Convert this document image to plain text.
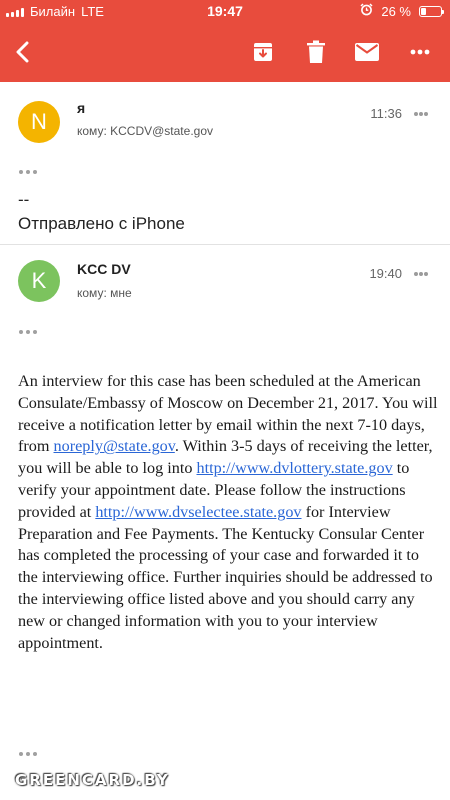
Билайн LTE	19:47	26 %
N
я
кому: KCCDV@state.gov
11:36
--
Отправлено с iPhone
K	KCC DV
кому: мне
19:40
An interview for this case has been scheduled at the American Consulate/Embassy of Moscow on December 21, 2017. You will receive a notification letter by email within the next 7-10 days, from noreply@state.gov. Within 3-5 days of receiving the letter, you will be able to log into http://www.dvlottery.state.gov to verify your appointment date. Please follow the instructions provided at http://www.dvselectee.state.gov for Interview Preparation and Fee Payments. The Kentucky Consular Center has completed the processing of your case and forwarded it to the interviewing office. Further inquiries should be addressed to the interviewing office listed above and you should carry any new or changed information with you to your interview appointment.
GREENCARD.BY
